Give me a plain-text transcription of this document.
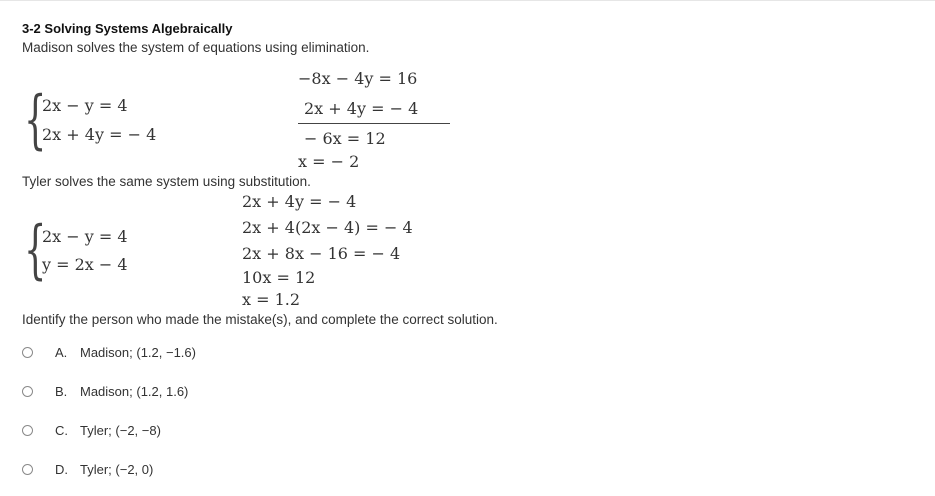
3-2 Solving Systems Algebraically
Madison solves the system of equations using elimination.
{
2x − y = 4
2x + 4y = − 4
−8x − 4y = 16
2x + 4y = − 4
− 6x = 12
x = − 2
Tyler solves the same system using substitution.
{
2x − y = 4
y = 2x − 4
2x + 4y = − 4
2x + 4(2x − 4) = − 4
2x + 8x − 16 = − 4
10x = 12
x = 1.2
Identify the person who made the mistake(s), and complete the correct solution.
A. Madison; (1.2, −1.6)
B. Madison; (1.2, 1.6)
C. Tyler; (−2, −8)
D. Tyler; (−2, 0)
